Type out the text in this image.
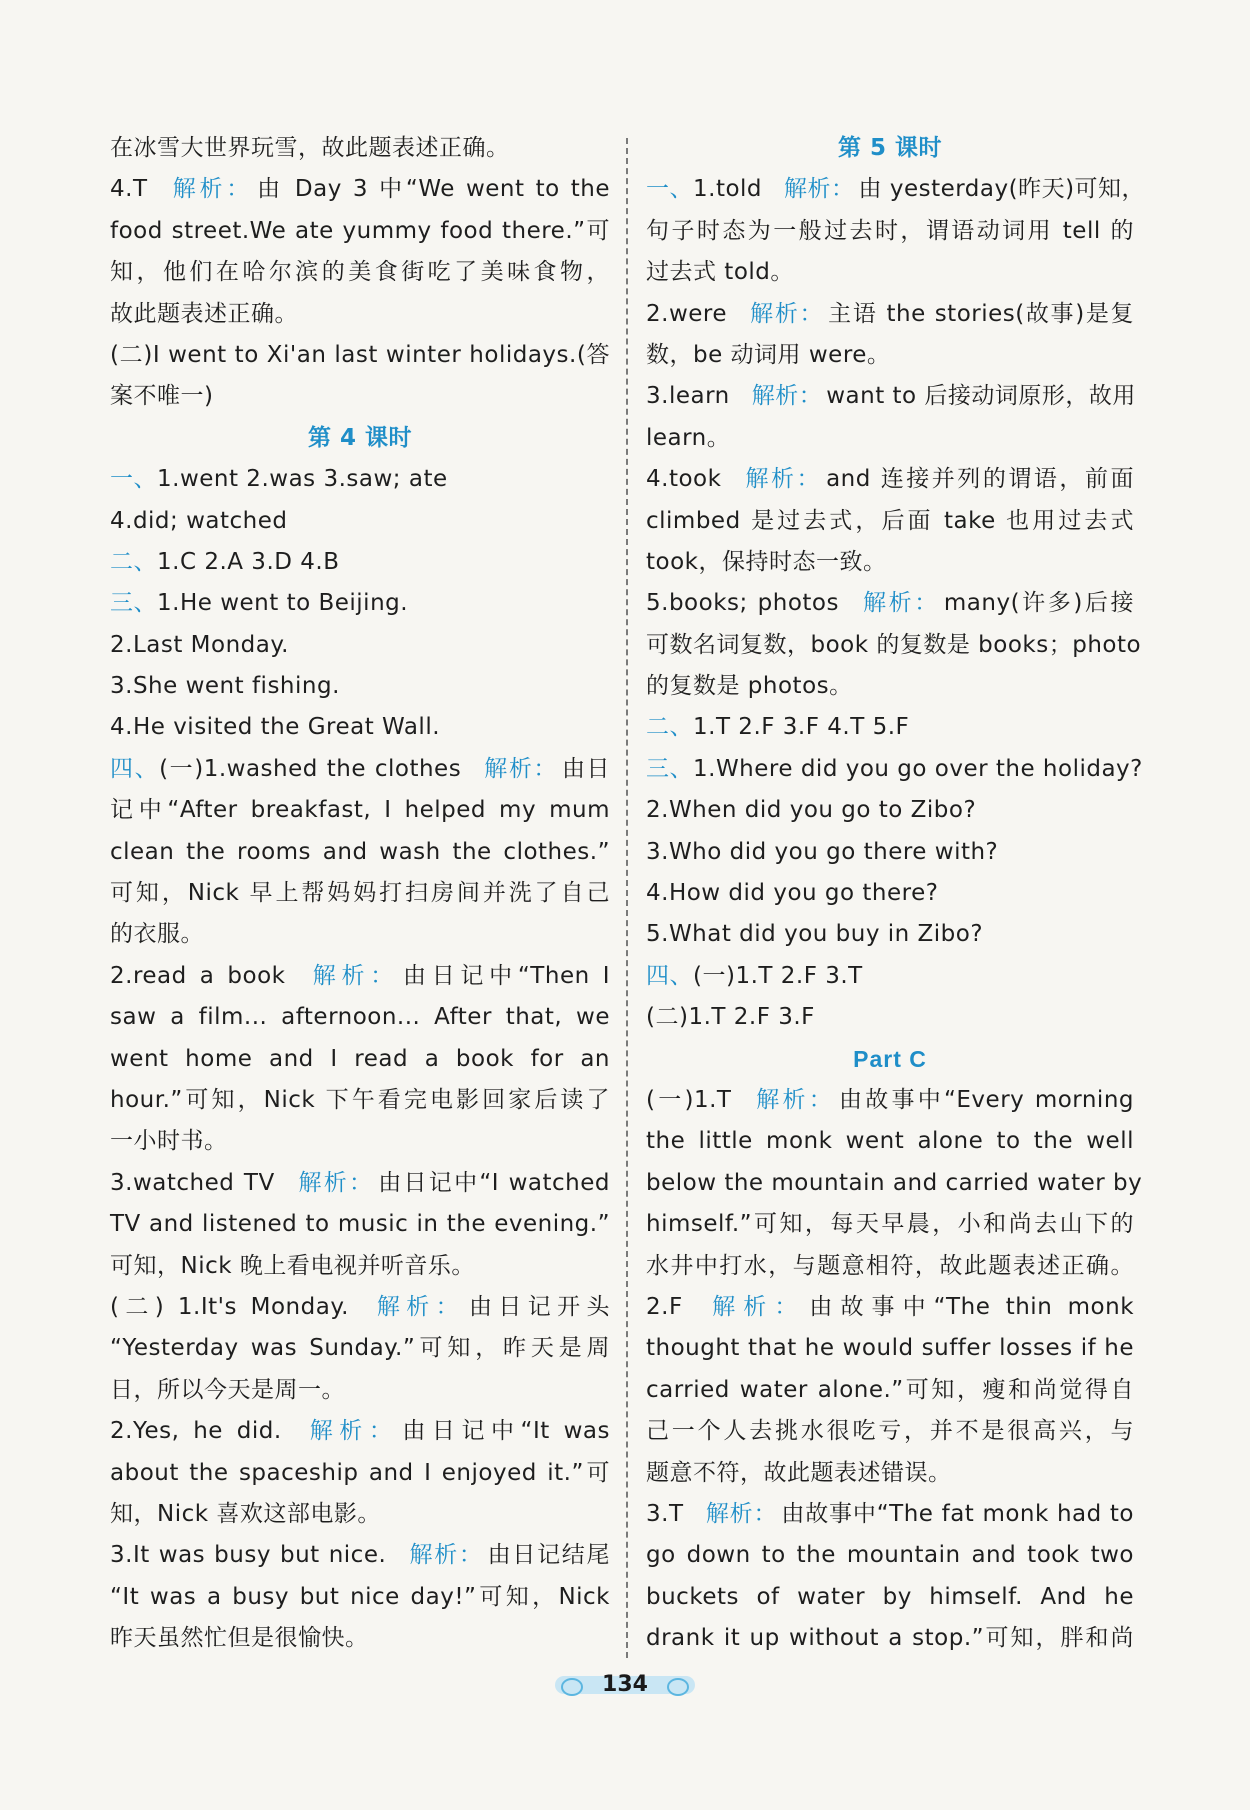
在冰雪大世界玩雪，故此题表述正确。
4.T 解析： 由 Day 3 中“We went to the
food street.We ate yummy food there.”可
知，他们在哈尔滨的美食街吃了美味食物，
故此题表述正确。
(二)I went to Xi'an last winter holidays.(答
案不唯一)
第 4 课时
一、1.went 2.was 3.saw; ate
4.did; watched
二、1.C 2.A 3.D 4.B
三、1.He went to Beijing.
2.Last Monday.
3.She went fishing.
4.He visited the Great Wall.
四、(一)1.washed the clothes 解析： 由日
记中“After breakfast, I helped my mum
clean the rooms and wash the clothes.”
可知，Nick 早上帮妈妈打扫房间并洗了自己
的衣服。
2.read a book 解析： 由日记中“Then I
saw a film... afternoon... After that, we
went home and I read a book for an
hour.”可知，Nick 下午看完电影回家后读了
一小时书。
3.watched TV 解析： 由日记中“I watched
TV and listened to music in the evening.”
可知，Nick 晚上看电视并听音乐。
(二) 1.It's Monday. 解析： 由日记开头
“Yesterday was Sunday.”可知，昨天是周
日，所以今天是周一。
2.Yes, he did. 解析： 由日记中“It was
about the spaceship and I enjoyed it.”可
知，Nick 喜欢这部电影。
3.It was busy but nice. 解析： 由日记结尾
“It was a busy but nice day!”可知，Nick
昨天虽然忙但是很愉快。
第 5 课时
一、1.told 解析： 由 yesterday(昨天)可知，
句子时态为一般过去时，谓语动词用 tell 的
过去式 told。
2.were 解析： 主语 the stories(故事)是复
数，be 动词用 were。
3.learn 解析： want to 后接动词原形，故用
learn。
4.took 解析： and 连接并列的谓语，前面
climbed 是过去式，后面 take 也用过去式
took，保持时态一致。
5.books; photos 解析： many(许多)后接
可数名词复数，book 的复数是 books；photo
的复数是 photos。
二、1.T 2.F 3.F 4.T 5.F
三、1.Where did you go over the holiday?
2.When did you go to Zibo?
3.Who did you go there with?
4.How did you go there?
5.What did you buy in Zibo?
四、(一)1.T 2.F 3.T
(二)1.T 2.F 3.F
Part C
(一)1.T 解析： 由故事中“Every morning
the little monk went alone to the well
below the mountain and carried water by
himself.”可知，每天早晨，小和尚去山下的
水井中打水，与题意相符，故此题表述正确。
2.F 解析： 由故事中“The thin monk
thought that he would suffer losses if he
carried water alone.”可知，瘦和尚觉得自
己一个人去挑水很吃亏，并不是很高兴，与
题意不符，故此题表述错误。
3.T 解析： 由故事中“The fat monk had to
go down to the mountain and took two
buckets of water by himself. And he
drank it up without a stop.”可知，胖和尚
134
